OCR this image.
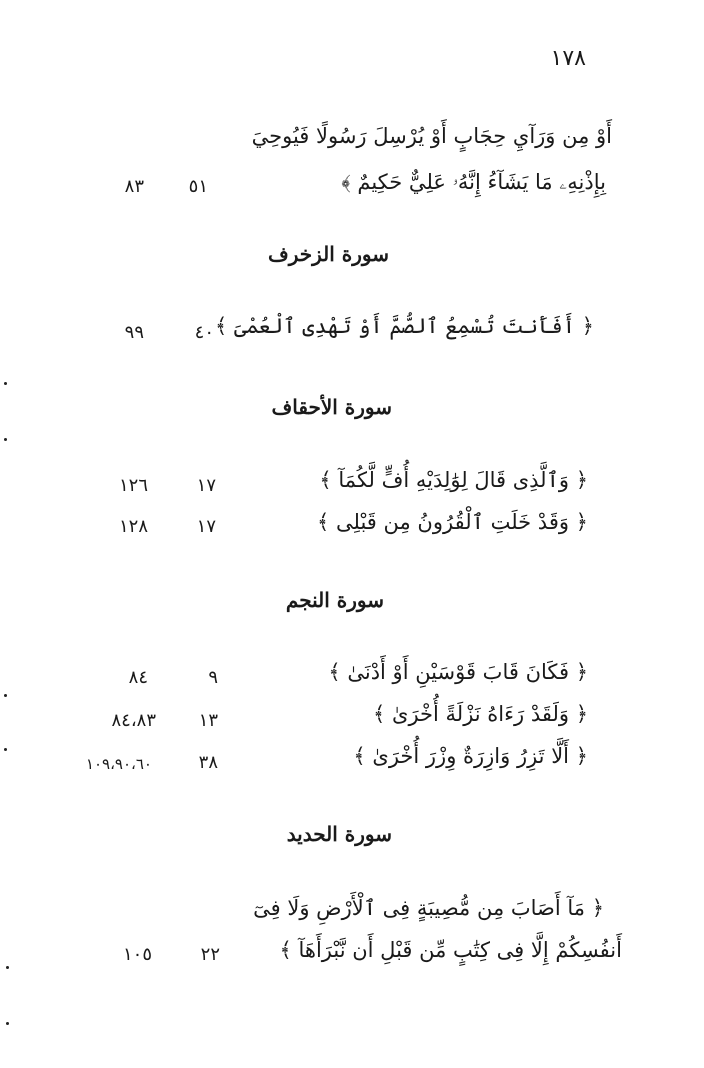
١٧٨
أَوْ مِن وَرَآيِ حِجَابٍ أَوْ يُرْسِلَ رَسُولًا فَيُوحِيَ
بِإِذْنِهِۦ مَا يَشَآءُ إِنَّهُۥ عَلِيٌّ حَكِيمٌ ﴾
٥١
٨٣
سورة الزخرف
﴿ أَفَأَنتَ تُسْمِعُ ٱلصُّمَّ أَوْ تَهْدِى ٱلْعُمْىَ ﴾
٤٠
٩٩
سورة الأحقاف
﴿ وَٱلَّذِى قَالَ لِوَٰلِدَيْهِ أُفٍّ لَّكُمَآ ﴾
١٧
١٢٦
﴿ وَقَدْ خَلَتِ ٱلْقُرُونُ مِن قَبْلِى ﴾
١٧
١٢٨
سورة النجم
﴿ فَكَانَ قَابَ قَوْسَيْنِ أَوْ أَدْنَىٰ ﴾
٩
٨٤
﴿ وَلَقَدْ رَءَاهُ نَزْلَةً أُخْرَىٰ ﴾
١٣
٨٤،٨٣
﴿ أَلَّا تَزِرُ وَازِرَةٌ وِزْرَ أُخْرَىٰ ﴾
٣٨
١٠٩،٩٠،٦٠
سورة الحديد
﴿ مَآ أَصَابَ مِن مُّصِيبَةٍ فِى ٱلْأَرْضِ وَلَا فِىٓ
أَنفُسِكُمْ إِلَّا فِى كِتَٰبٍ مِّن قَبْلِ أَن نَّبْرَأَهَآ ﴾
٢٢
١٠٥
